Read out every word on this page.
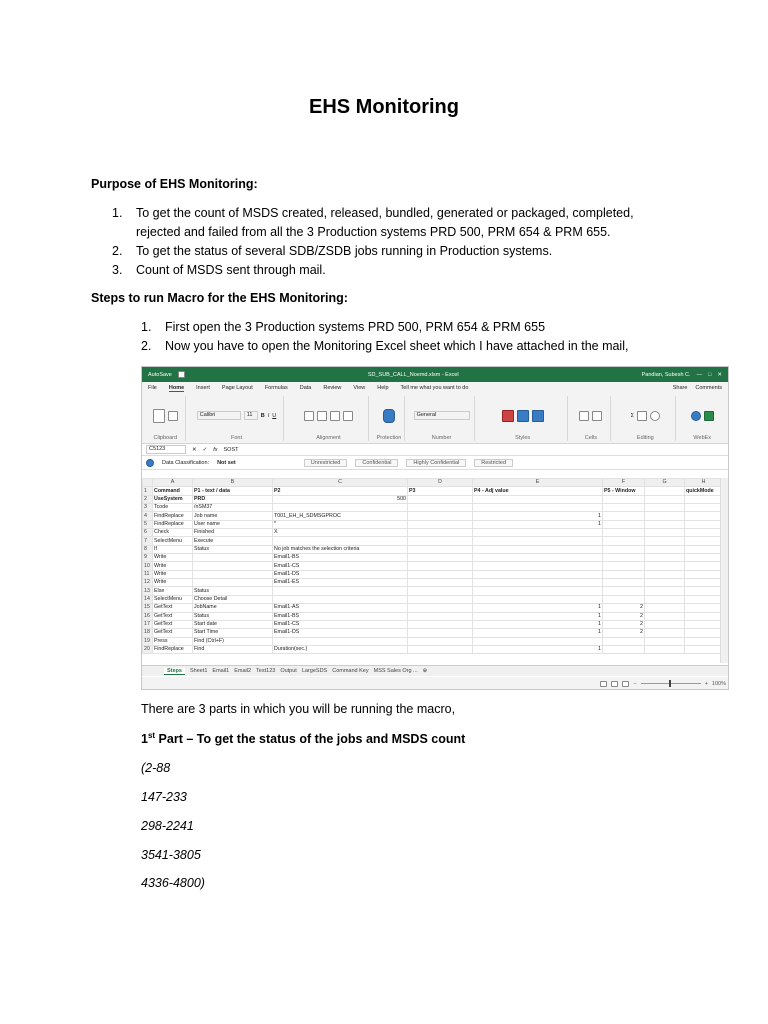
EHS Monitoring
Purpose of EHS Monitoring:
1.	To get the count of MSDS created, released, bundled, generated or packaged, completed, rejected and failed from all the 3 Production systems PRD 500, PRM 654 & PRM 655.
2.	To get the status of several SDB/ZSDB jobs running in Production systems.
3.	Count of MSDS sent through mail.
Steps to run Macro for the EHS Monitoring:
1.	First open the 3 Production systems PRD 500, PRM 654 & PRM 655
2.	Now you have to open the Monitoring Excel sheet which I have attached in the mail,
AutoSave	SD_SUB_CALL_Noemd.xlsm - Excel	Pandian, Subesh C. — □ ✕
File Home Insert Page Layout Formulas Data Review View Help Tell me what you want to do	Share Comments
Clipboard
Calibri	11	B I U
Font	Alignment	Protection
General
Number	Styles	Cells
Σ
Editing	WebEx
C5123	✕ ✓ fx SOST
Data Classification: Not set	Unrestricted	Confidential	Highly Confidential	Restricted
	A	B	C	D	E	F	G	H
1	Command	P1 - text / data	P2	P3	P4 - Adj value	P5 - Window		quickMode
2	UseSystem	PRD	500					
3	Tcode	/nSM37						
4	FindReplace	Job name	T001_EH_H_SDMSGPROC		1			
5	FindReplace	User name	*		1			
6	Check	Finished	X					
7	SelectMenu	Execute						
8	If	Status	No job matches the selection criteria					
9	Write		Email1-BS					
10	Write		Email1-CS					
11	Write		Email1-DS					
12	Write		Email1-ES					
13	Else	Status						
14	SelectMenu	Choose Detail						
15	GetText	JobName	Email1-AS		1	2		
16	GetText	Status	Email1-BS		1	2		
17	GetText	Start date	Email1-CS		1	2		
18	GetText	Start Time	Email1-DS		1	2		
19	Press	Find (Ctrl+F)						
20	FindReplace	Find	Duration(sec.)		1			
Steps	Sheet1 Email1 Email2 Test123 Output LargeSDS Command Key MSS Sales Org ... ⊕
−	+ 100%
There are 3 parts in which you will be running the macro,
1st Part – To get the status of the jobs and MSDS count
(2-88
147-233
298-2241
3541-3805
4336-4800)
